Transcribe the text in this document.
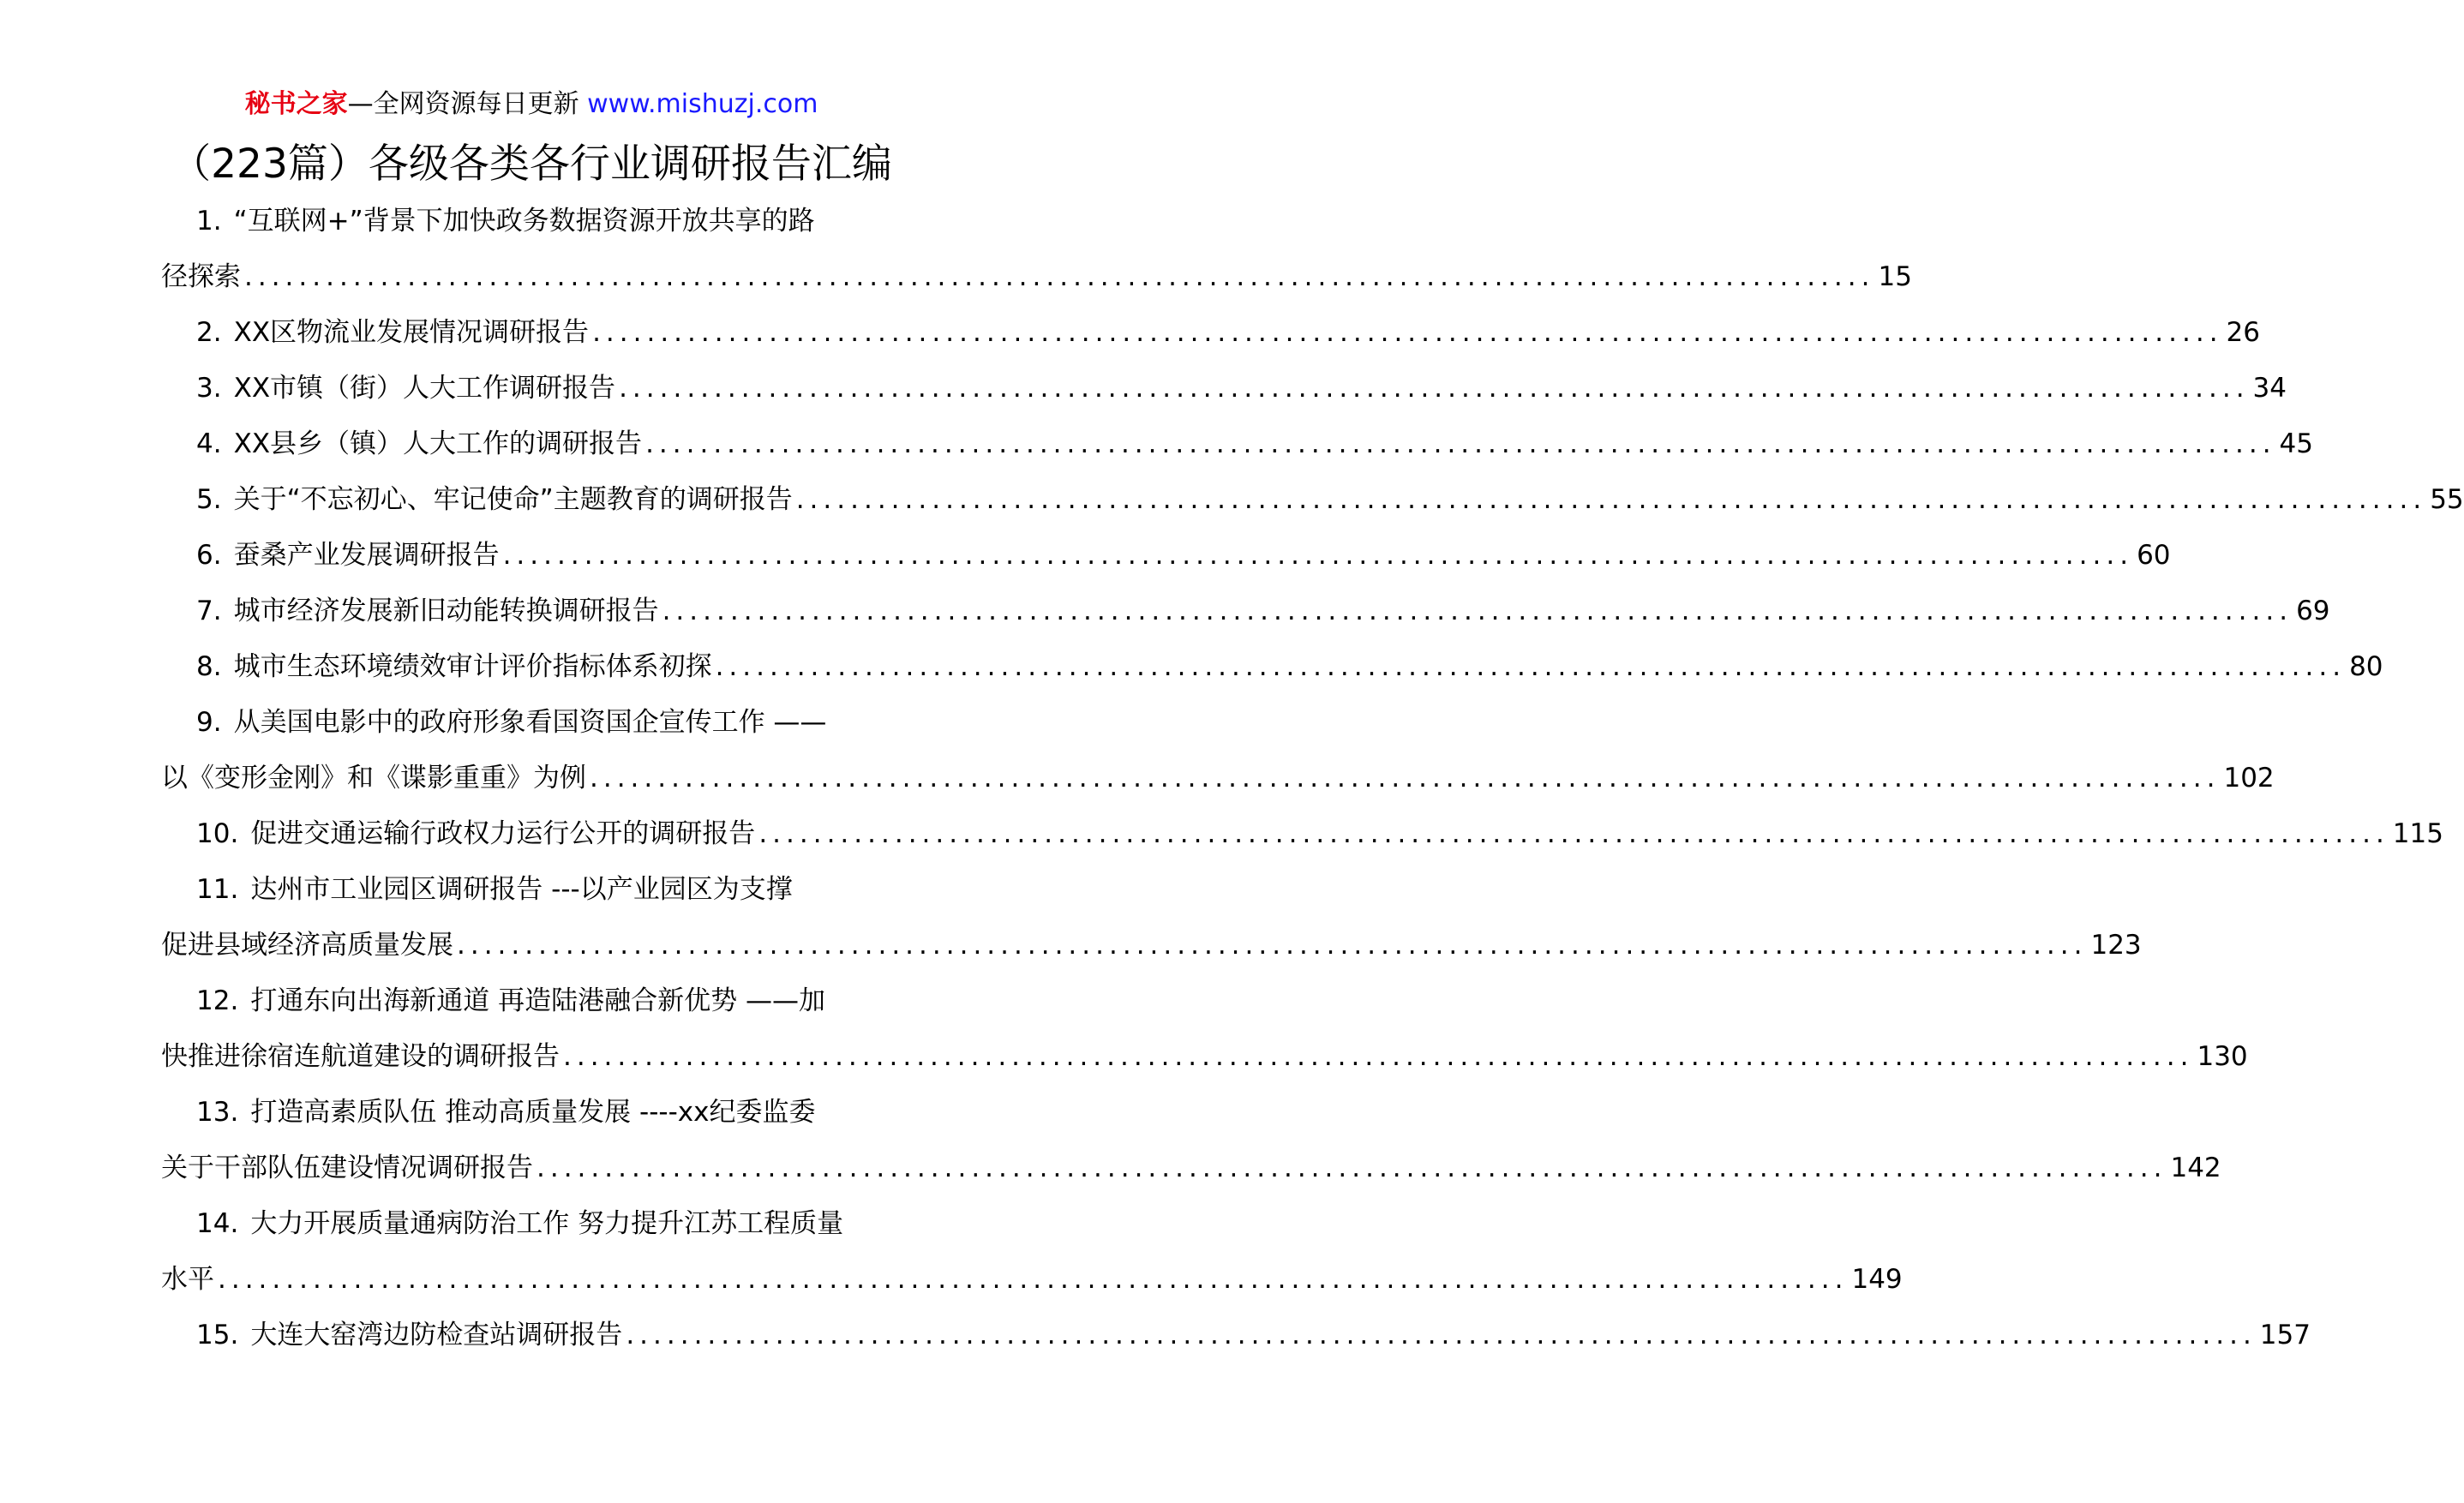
秘书之家—全网资源每日更新 www.mishuzj.com
（223篇）各级各类各行业调研报告汇编
1. “互联网+”背景下加快政务数据资源开放共享的路
径探索 ........................................................................................................................ 15
2. XX区物流业发展情况调研报告 ........................................................................................................................ 26
3. XX市镇（街）人大工作调研报告 ........................................................................................................................ 34
4. XX县乡（镇）人大工作的调研报告 ........................................................................................................................ 45
5. 关于“不忘初心、牢记使命”主题教育的调研报告 ........................................................................................................................ 55
6. 蚕桑产业发展调研报告 ........................................................................................................................ 60
7. 城市经济发展新旧动能转换调研报告 ........................................................................................................................ 69
8. 城市生态环境绩效审计评价指标体系初探 ........................................................................................................................ 80
9. 从美国电影中的政府形象看国资国企宣传工作 ——
以《变形金刚》和《谍影重重》为例 ........................................................................................................................ 102
10. 促进交通运输行政权力运行公开的调研报告 ........................................................................................................................ 115
11. 达州市工业园区调研报告 ---以产业园区为支撑
促进县域经济高质量发展 ........................................................................................................................ 123
12. 打通东向出海新通道 再造陆港融合新优势 ——加
快推进徐宿连航道建设的调研报告 ........................................................................................................................ 130
13. 打造高素质队伍 推动高质量发展 ----xx纪委监委
关于干部队伍建设情况调研报告 ........................................................................................................................ 142
14. 大力开展质量通病防治工作 努力提升江苏工程质量
水平 ........................................................................................................................ 149
15. 大连大窑湾边防检查站调研报告 ........................................................................................................................ 157
